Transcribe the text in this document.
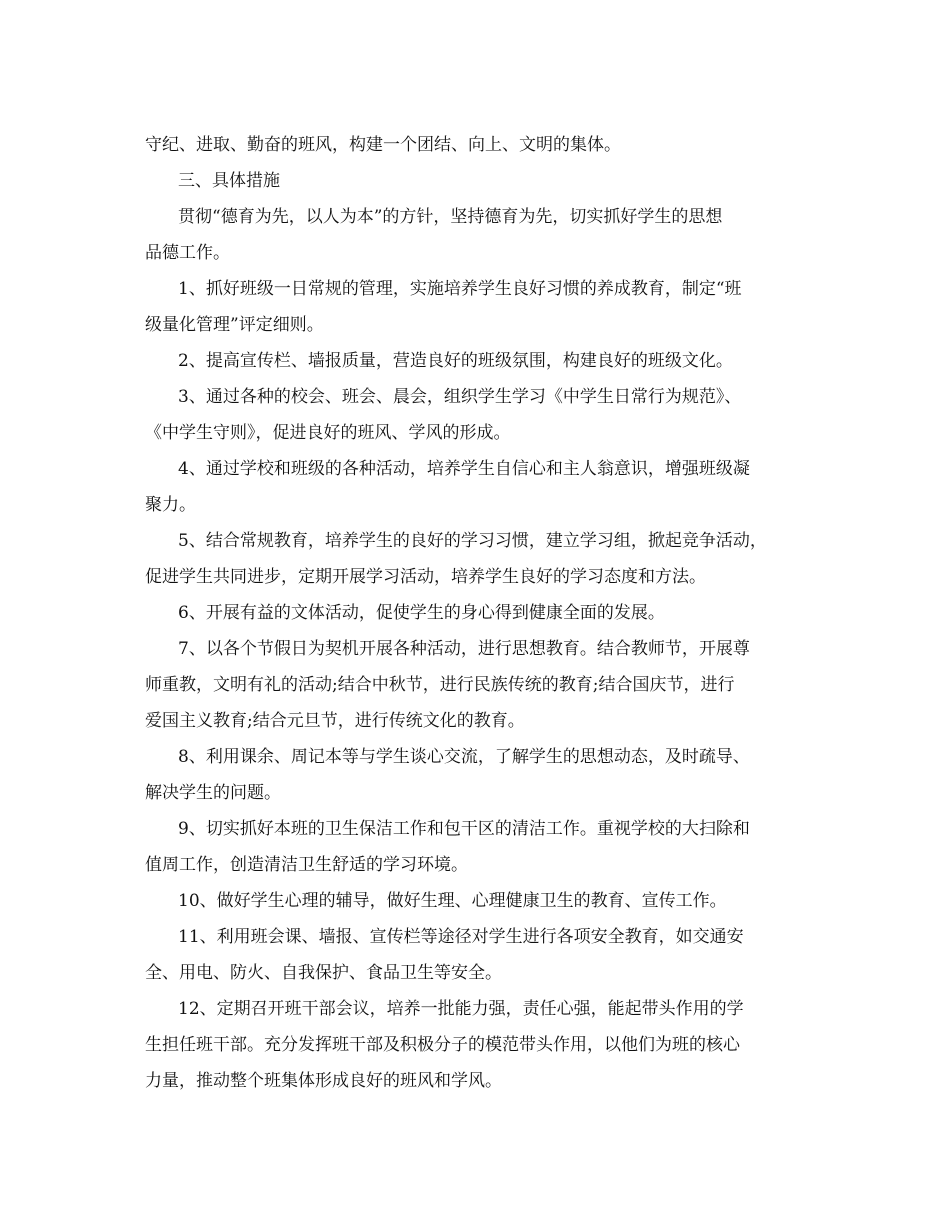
守纪、进取、勤奋的班风，构建一个团结、向上、文明的集体。
三、具体措施
贯彻“德育为先，以人为本”的方针，坚持德育为先，切实抓好学生的思想
品德工作。
1、抓好班级一日常规的管理，实施培养学生良好习惯的养成教育，制定“班
级量化管理”评定细则。
2、提高宣传栏、墙报质量，营造良好的班级氛围，构建良好的班级文化。
3、通过各种的校会、班会、晨会，组织学生学习《中学生日常行为规范》、
《中学生守则》，促进良好的班风、学风的形成。
4、通过学校和班级的各种活动，培养学生自信心和主人翁意识，增强班级凝
聚力。
5、结合常规教育，培养学生的良好的学习习惯，建立学习组，掀起竞争活动，
促进学生共同进步，定期开展学习活动，培养学生良好的学习态度和方法。
6、开展有益的文体活动，促使学生的身心得到健康全面的发展。
7、以各个节假日为契机开展各种活动，进行思想教育。结合教师节，开展尊
师重教，文明有礼的活动;结合中秋节，进行民族传统的教育;结合国庆节，进行
爱国主义教育;结合元旦节，进行传统文化的教育。
8、利用课余、周记本等与学生谈心交流，了解学生的思想动态，及时疏导、
解决学生的问题。
9、切实抓好本班的卫生保洁工作和包干区的清洁工作。重视学校的大扫除和
值周工作，创造清洁卫生舒适的学习环境。
10、做好学生心理的辅导，做好生理、心理健康卫生的教育、宣传工作。
11、利用班会课、墙报、宣传栏等途径对学生进行各项安全教育，如交通安
全、用电、防火、自我保护、食品卫生等安全。
12、定期召开班干部会议，培养一批能力强，责任心强，能起带头作用的学
生担任班干部。充分发挥班干部及积极分子的模范带头作用，以他们为班的核心
力量，推动整个班集体形成良好的班风和学风。
